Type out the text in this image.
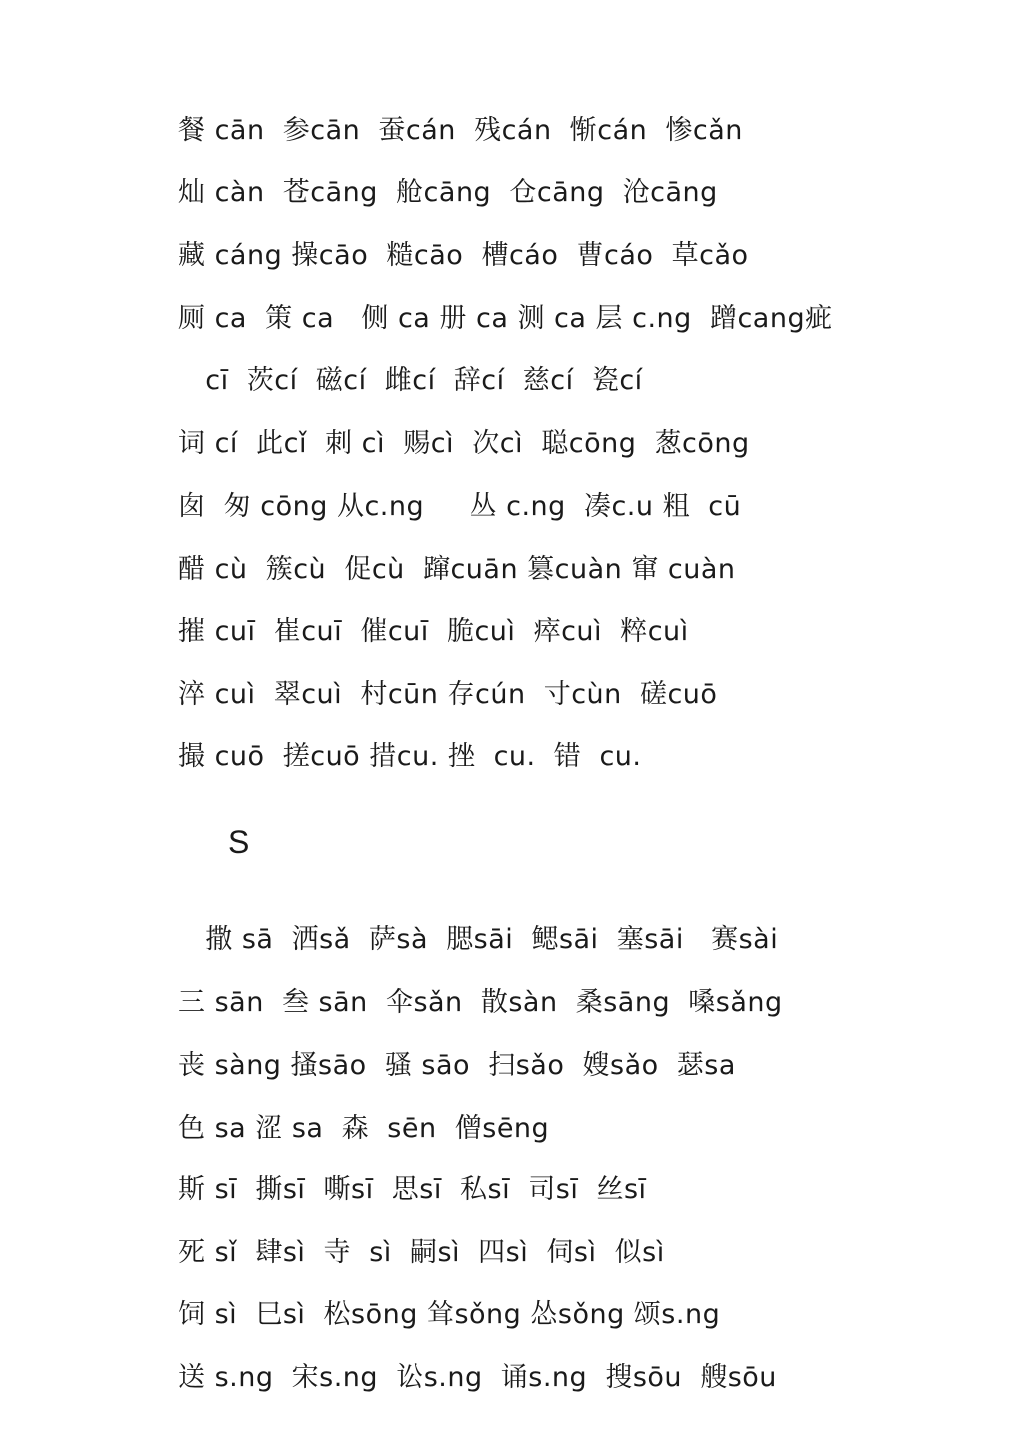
餐 cān  参cān  蚕cán  残cán  惭cán  惨cǎn
灿 càn  苍cāng  舱cāng  仓cāng  沧cāng
藏 cáng 操cāo  糙cāo  槽cáo  曹cáo  草cǎo
厕 ca  策 ca   侧 ca 册 ca 测 ca 层 c.ng  蹭cang疵
cī  茨cí  磁cí  雌cí  辞cí  慈cí  瓷cí
词 cí  此cǐ  刺 cì  赐cì  次cì  聪cōng  葱cōng
囱  匆 cōng 从c.ng     丛 c.ng  凑c.u 粗  cū
醋 cù  簇cù  促cù  蹿cuān 篡cuàn 窜 cuàn
摧 cuī  崔cuī  催cuī  脆cuì  瘁cuì  粹cuì
淬 cuì  翠cuì  村cūn 存cún  寸cùn  磋cuō
撮 cuō  搓cuō 措cu. 挫  cu.  错  cu.
S
撒 sā  洒sǎ  萨sà  腮sāi  鳃sāi  塞sāi   赛sài
三 sān  叁 sān  伞sǎn  散sàn  桑sāng  嗓sǎng
丧 sàng 搔sāo  骚 sāo  扫sǎo  嫂sǎo  瑟sa
色 sa 涩 sa  森  sēn  僧sēng
斯 sī  撕sī  嘶sī  思sī  私sī  司sī  丝sī
死 sǐ  肆sì  寺  sì  嗣sì  四sì  伺sì  似sì
饲 sì  巳sì  松sōng 耸sǒng 怂sǒng 颂s.ng
送 s.ng  宋s.ng  讼s.ng  诵s.ng  搜sōu  艘sōu
